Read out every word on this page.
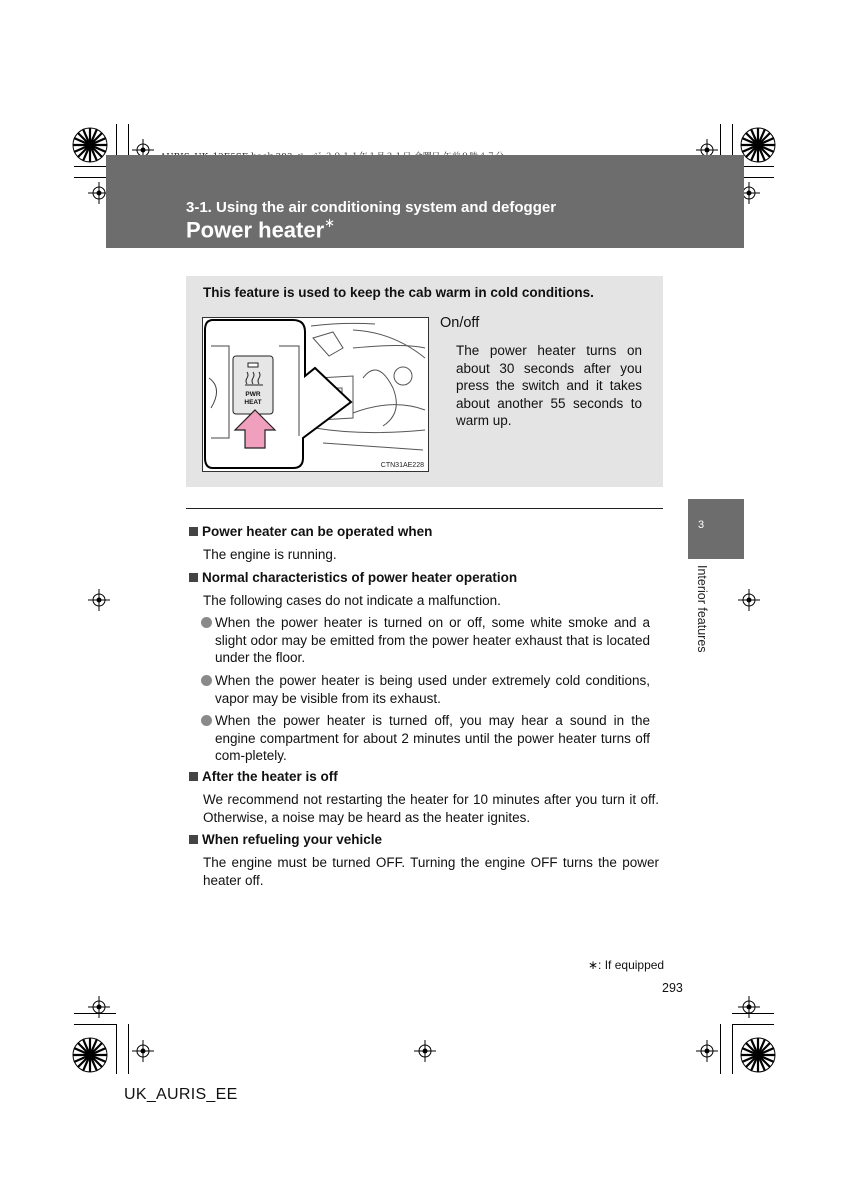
3-1. Using the air conditioning system and defogger
Power heater∗
This feature is used to keep the cab warm in cold conditions.
PWR
HEAT
CTN31AE228
On/off
The power heater turns on about 30 seconds after you press the switch and it takes about another 55 seconds to warm up.
3
Interior features
Power heater can be operated when
The engine is running.
Normal characteristics of power heater operation
The following cases do not indicate a malfunction.
When the power heater is turned on or off, some white smoke and a slight odor may be emitted from the power heater exhaust that is located under the floor.
When the power heater is being used under extremely cold conditions, vapor may be visible from its exhaust.
When the power heater is turned off, you may hear a sound in the engine compartment for about 2 minutes until the power heater turns off com-pletely.
After the heater is off
We recommend not restarting the heater for 10 minutes after you turn it off. Otherwise, a noise may be heard as the heater ignites.
When refueling your vehicle
The engine must be turned OFF. Turning the engine OFF turns the power heater off.
∗: If equipped
293
UK_AURIS_EE
